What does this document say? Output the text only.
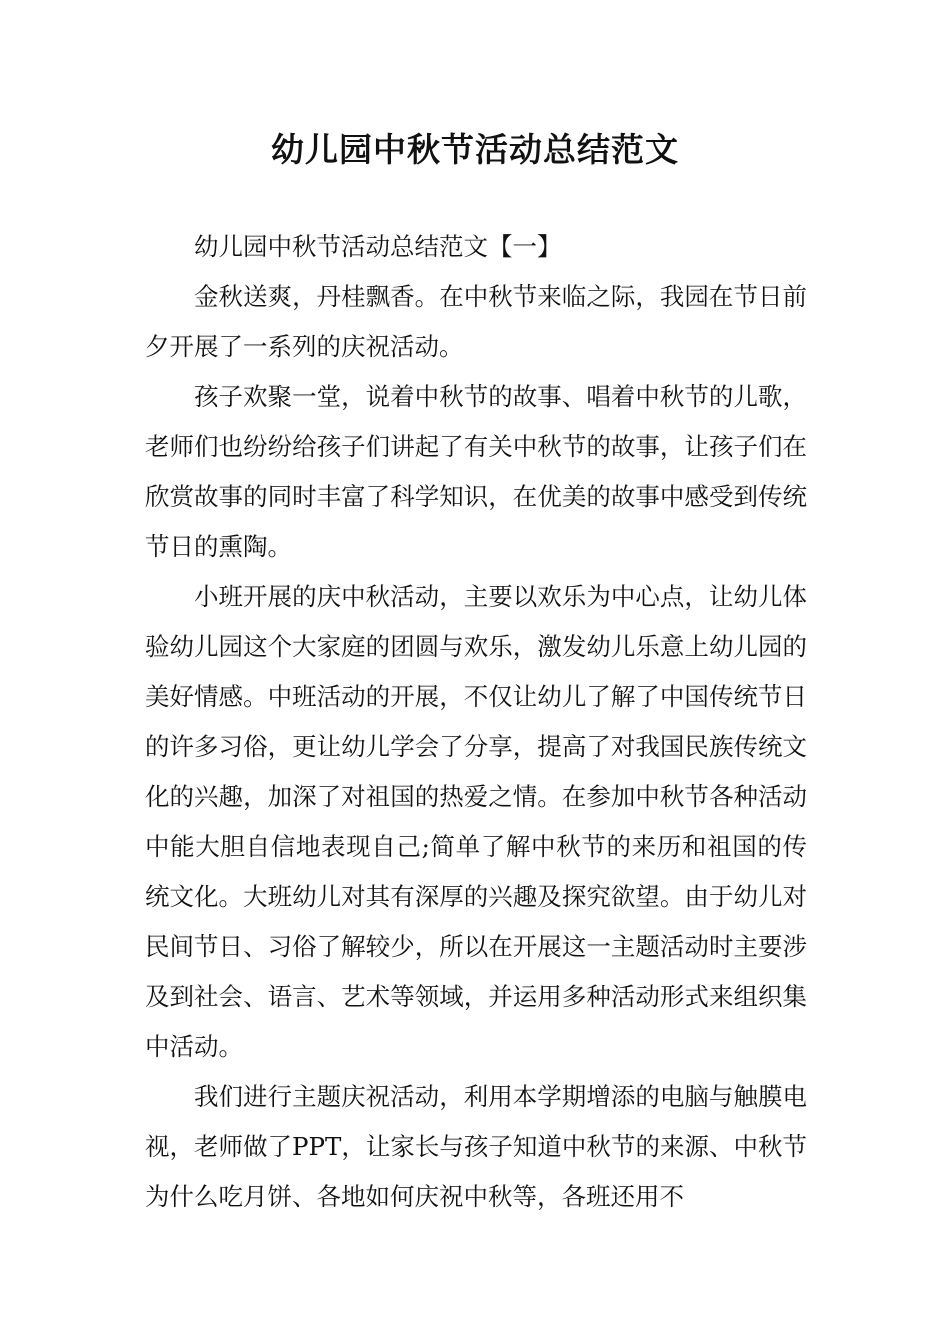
幼儿园中秋节活动总结范文

幼儿园中秋节活动总结范文【一】

金秋送爽，丹桂飘香。在中秋节来临之际，我园在节日前夕开展了一系列的庆祝活动。

孩子欢聚一堂，说着中秋节的故事、唱着中秋节的儿歌，老师们也纷纷给孩子们讲起了有关中秋节的故事，让孩子们在欣赏故事的同时丰富了科学知识，在优美的故事中感受到传统节日的熏陶。

小班开展的庆中秋活动，主要以欢乐为中心点，让幼儿体验幼儿园这个大家庭的团圆与欢乐，激发幼儿乐意上幼儿园的美好情感。中班活动的开展，不仅让幼儿了解了中国传统节日的许多习俗，更让幼儿学会了分享，提高了对我国民族传统文化的兴趣，加深了对祖国的热爱之情。在参加中秋节各种活动中能大胆自信地表现自己;简单了解中秋节的来历和祖国的传统文化。大班幼儿对其有深厚的兴趣及探究欲望。由于幼儿对民间节日、习俗了解较少，所以在开展这一主题活动时主要涉及到社会、语言、艺术等领域，并运用多种活动形式来组织集中活动。

我们进行主题庆祝活动，利用本学期增添的电脑与触膜电视，老师做了PPT，让家长与孩子知道中秋节的来源、中秋节为什么吃月饼、各地如何庆祝中秋等，各班还用不
